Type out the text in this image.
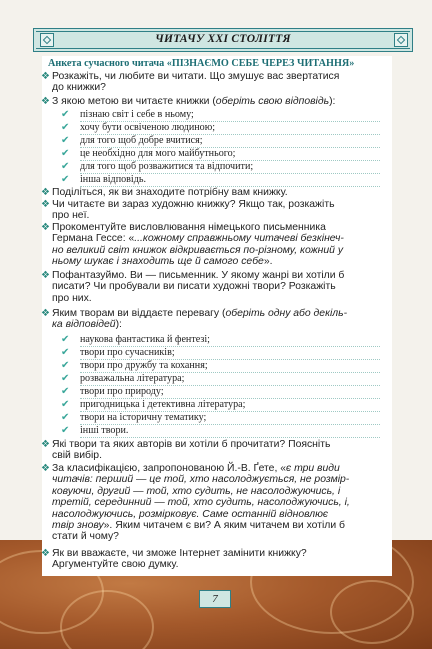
ЧИТАЧУ XXI СТОЛІТТЯ
Анкета сучасного читача «ПІЗНАЄМО СЕБЕ ЧЕРЕЗ ЧИТАННЯ»
❖ Розкажіть, чи любите ви читати. Що змушує вас звертатися
до книжки?
❖ З якою метою ви читаєте книжки (оберіть свою відповідь):
✔ пізнаю світ і себе в ньому;
✔ хочу бути освіченою людиною;
✔ для того щоб добре вчитися;
✔ це необхідно для мого майбутнього;
✔ для того щоб розважитися та відпочити;
✔ інша відповідь.
❖ Поділіться, як ви знаходите потрібну вам книжку.
❖ Чи читаєте ви зараз художню книжку? Якщо так, розкажіть
про неї.
❖ Прокоментуйте висловлювання німецького письменника
Германа Гессе: «...кожному справжньому читачеві безкінеч-
но великий світ книжок відкривається по-різному, кожний у
ньому шукає і знаходить ще й самого себе».
❖ Пофантазуймо. Ви — письменник. У якому жанрі ви хотіли б
писати? Чи пробували ви писати художні твори? Розкажіть
про них.
❖ Яким творам ви віддаєте перевагу (оберіть одну або декіль-
ка відповідей):
✔ наукова фантастика й фентезі;
✔ твори про сучасників;
✔ твори про дружбу та кохання;
✔ розважальна література;
✔ твори про природу;
✔ пригодницька і детективна література;
✔ твори на історичну тематику;
✔ інші твори.
❖ Які твори та яких авторів ви хотіли б прочитати? Поясніть
свій вибір.
❖ За класифікацією, запропонованою Й.-В. Ґете, «є три види
читачів: перший — це той, хто насолоджується, не розмір-
ковуючи, другий — той, хто судить, не насолоджуючись, і
третій, серединний — той, хто судить, насолоджуючись, і,
насолоджуючись, розмірковує. Саме останній відновлює
твір знову». Яким читачем є ви? А яким читачем ви хотіли б
стати й чому?
❖ Як ви вважаєте, чи зможе Інтернет замінити книжку?
Аргументуйте свою думку.
7
